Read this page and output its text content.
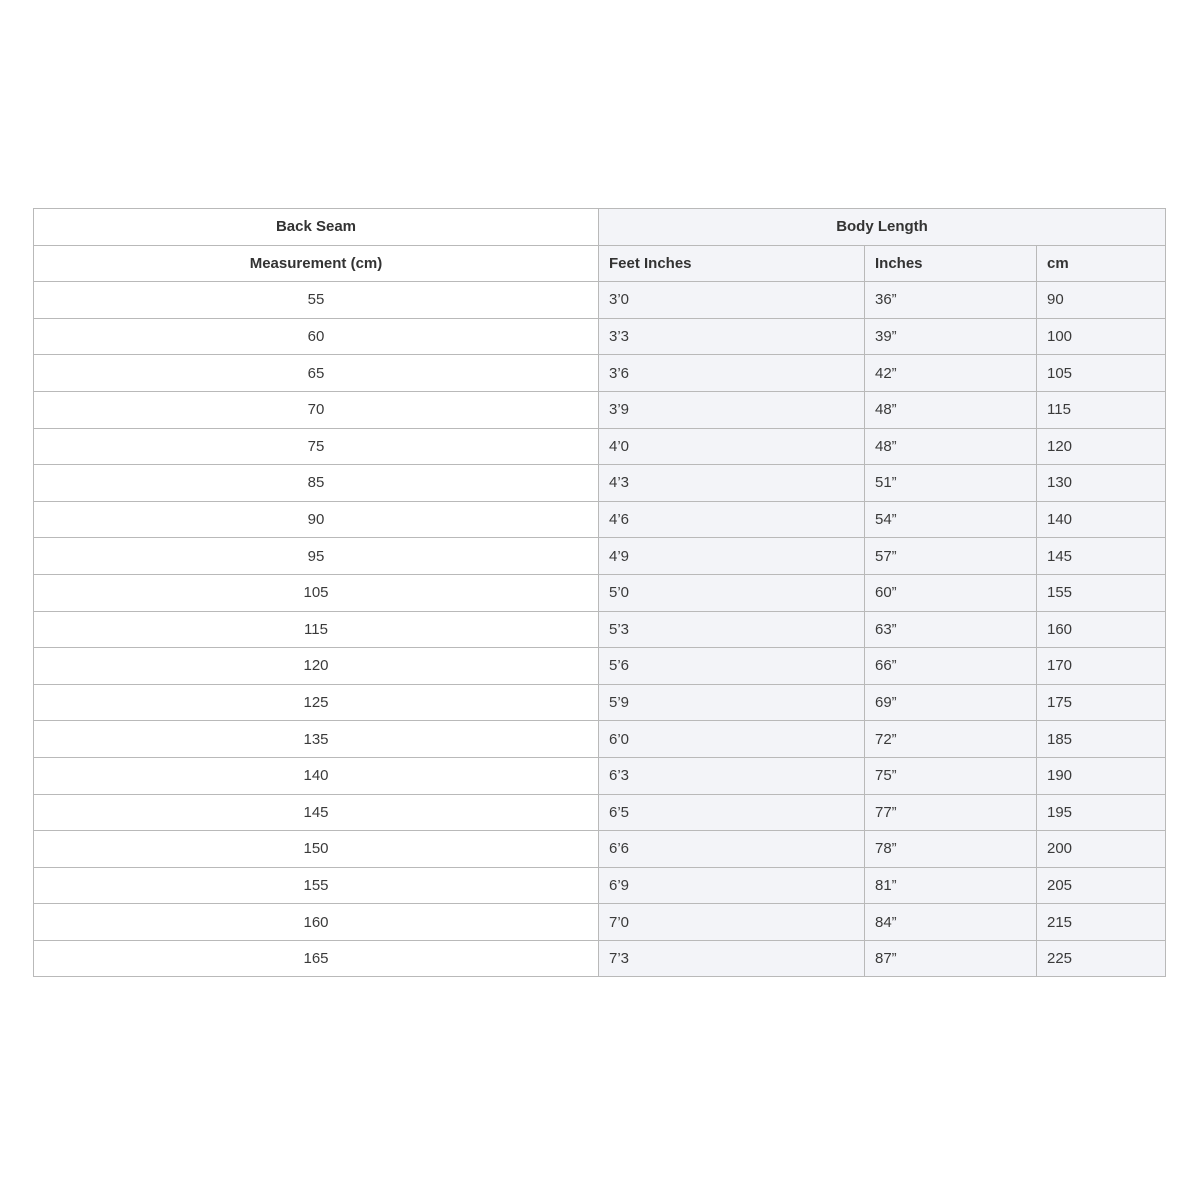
Back Seam	Body Length		
Measurement (cm)	Feet Inches	Inches	cm
55	3’0	36”	90
60	3’3	39”	100
65	3’6	42”	105
70	3’9	48”	115
75	4’0	48”	120
85	4’3	51”	130
90	4’6	54”	140
95	4’9	57”	145
105	5’0	60”	155
115	5’3	63”	160
120	5’6	66”	170
125	5’9	69”	175
135	6’0	72”	185
140	6’3	75”	190
145	6’5	77”	195
150	6’6	78”	200
155	6’9	81”	205
160	7’0	84”	215
165	7’3	87”	225
